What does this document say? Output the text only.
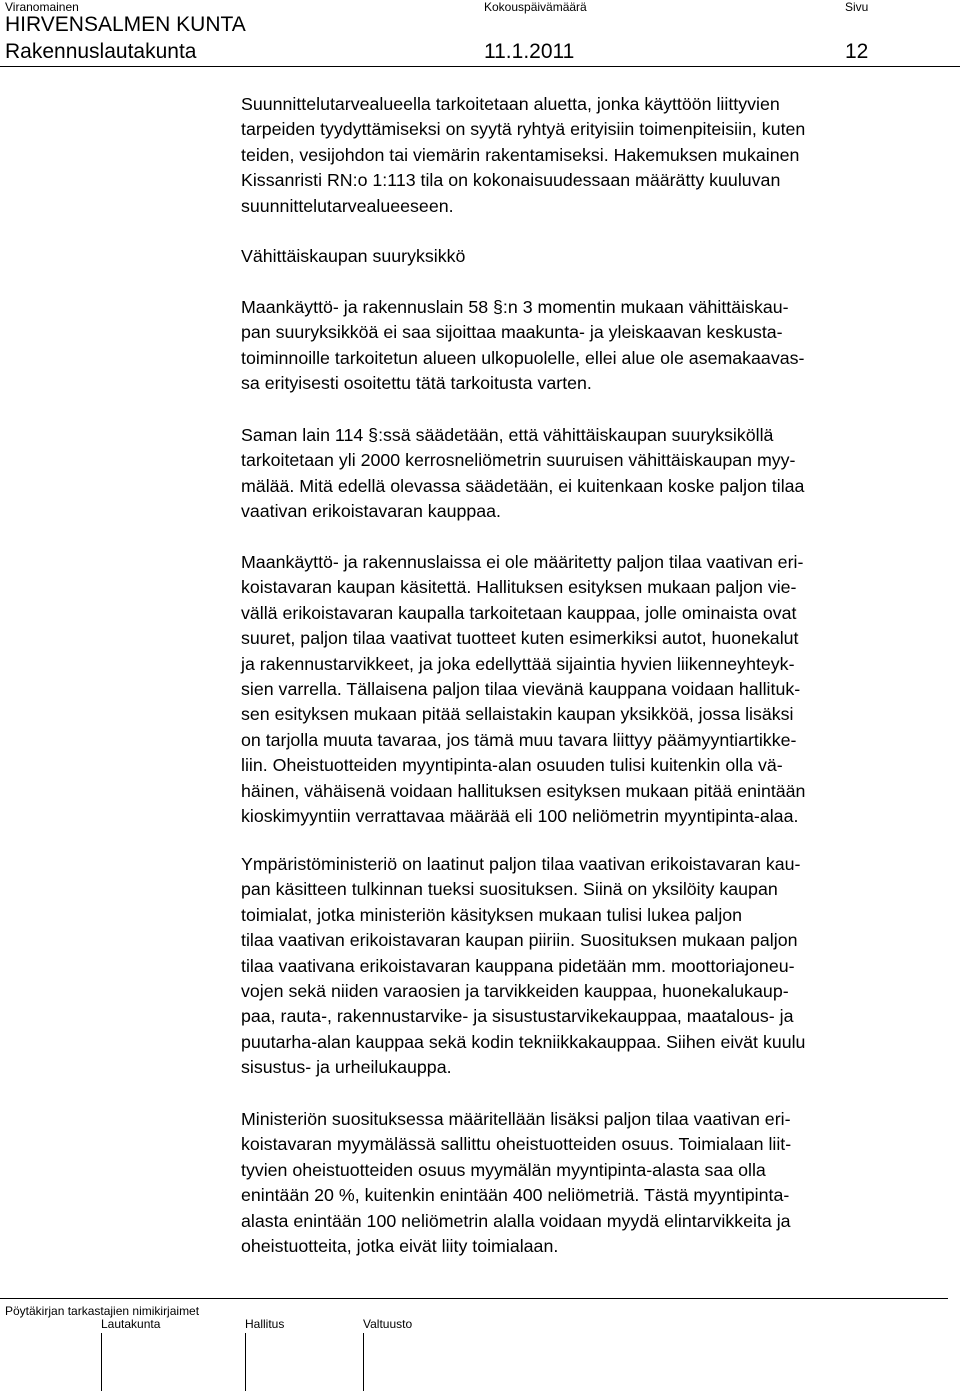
Viranomainen	Kokouspäivämäärä	Sivu
HIRVENSALMEN KUNTA
Rakennuslautakunta	11.1.2011	12
Suunnittelutarvealueella tarkoitetaan aluetta, jonka käyttöön liittyvien
tarpeiden tyydyttämiseksi on syytä ryhtyä erityisiin toimenpiteisiin, kuten
teiden, vesijohdon tai viemärin rakentamiseksi. Hakemuksen mukainen
Kissanristi RN:o 1:113 tila on kokonaisuudessaan määrätty kuuluvan
suunnittelutarvealueeseen.
Vähittäiskaupan suuryksikkö
Maankäyttö- ja rakennuslain 58 §:n 3 momentin mukaan vähittäiskau-
pan suuryksikköä ei saa sijoittaa maakunta- ja yleiskaavan keskusta-
toiminnoille tarkoitetun alueen ulkopuolelle, ellei alue ole asemakaavas-
sa erityisesti osoitettu tätä tarkoitusta varten.
Saman lain 114 §:ssä säädetään, että vähittäiskaupan suuryksiköllä
tarkoitetaan yli 2000 kerrosneliömetrin suuruisen vähittäiskaupan myy-
mälää. Mitä edellä olevassa säädetään, ei kuitenkaan koske paljon tilaa
vaativan erikoistavaran kauppaa.
Maankäyttö- ja rakennuslaissa ei ole määritetty paljon tilaa vaativan eri-
koistavaran kaupan käsitettä. Hallituksen esityksen mukaan paljon vie-
vällä erikoistavaran kaupalla tarkoitetaan kauppaa, jolle ominaista ovat
suuret, paljon tilaa vaativat tuotteet kuten esimerkiksi autot, huonekalut
ja rakennustarvikkeet, ja joka edellyttää sijaintia hyvien liikenneyhteyk-
sien varrella. Tällaisena paljon tilaa vievänä kauppana voidaan hallituk-
sen esityksen mukaan pitää sellaistakin kaupan yksikköä, jossa lisäksi
on tarjolla muuta tavaraa, jos tämä muu tavara liittyy päämyyntiartikke-
liin. Oheistuotteiden myyntipinta-alan osuuden tulisi kuitenkin olla vä-
häinen, vähäisenä voidaan hallituksen esityksen mukaan pitää enintään
kioskimyyntiin verrattavaa määrää eli 100 neliömetrin myyntipinta-alaa.
Ympäristöministeriö on laatinut paljon tilaa vaativan erikoistavaran kau-
pan käsitteen tulkinnan tueksi suosituksen. Siinä on yksilöity kaupan
toimialat, jotka ministeriön käsityksen mukaan tulisi lukea paljon
tilaa vaativan erikoistavaran kaupan piiriin. Suosituksen mukaan paljon
tilaa vaativana erikoistavaran kauppana pidetään mm. moottoriajoneu-
vojen sekä niiden varaosien ja tarvikkeiden kauppaa, huonekalukaup-
paa, rauta-, rakennustarvike- ja sisustustarvikekauppaa, maatalous- ja
puutarha-alan kauppaa sekä kodin tekniikkakauppaa. Siihen eivät kuulu
sisustus- ja urheilukauppa.
Ministeriön suosituksessa määritellään lisäksi paljon tilaa vaativan eri-
koistavaran myymälässä sallittu oheistuotteiden osuus. Toimialaan liit-
tyvien oheistuotteiden osuus myymälän myyntipinta-alasta saa olla
enintään 20 %, kuitenkin enintään 400 neliömetriä. Tästä myyntipinta-
alasta enintään 100 neliömetrin alalla voidaan myydä elintarvikkeita ja
oheistuotteita, jotka eivät liity toimialaan.
Pöytäkirjan tarkastajien nimikirjaimet
Lautakunta	Hallitus	Valtuusto
